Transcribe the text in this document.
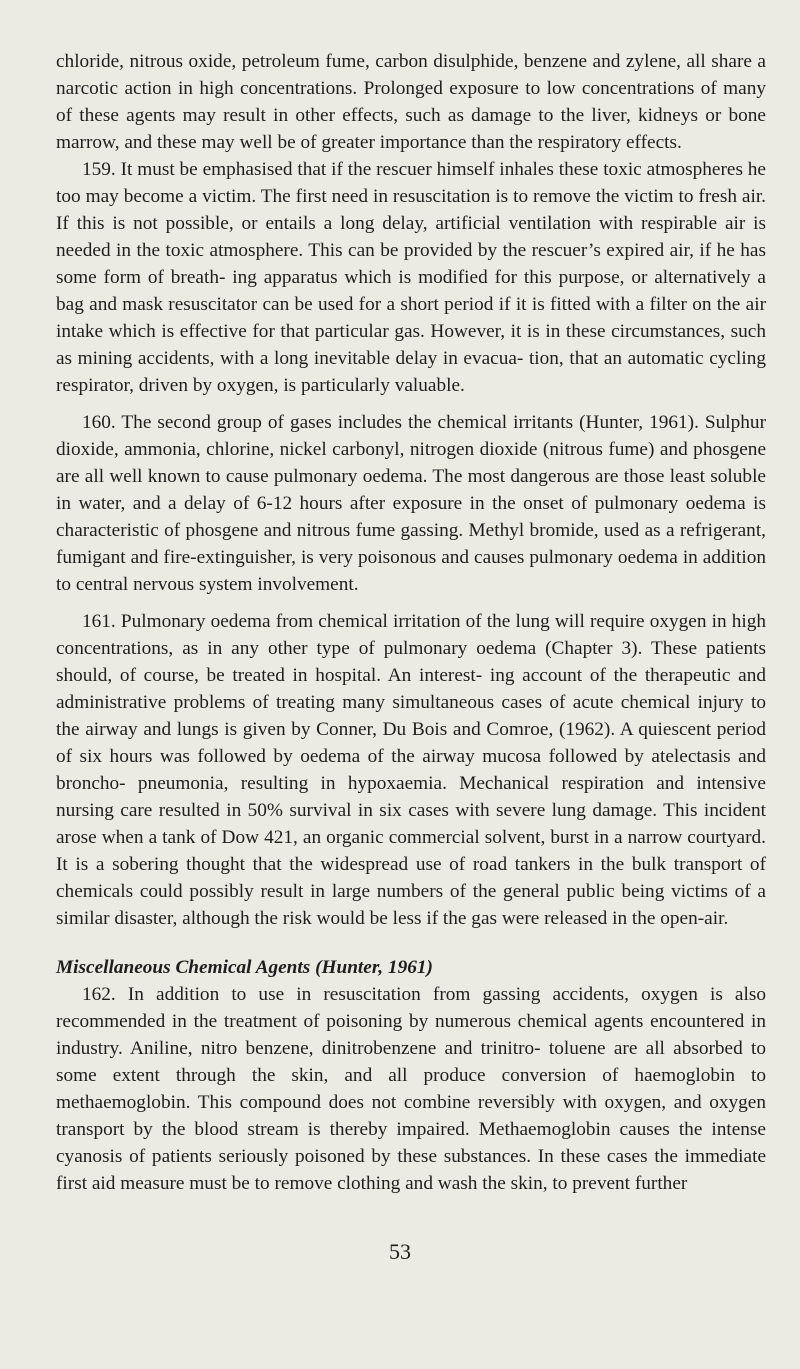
chloride, nitrous oxide, petroleum fume, carbon disulphide, benzene and zylene, all share a narcotic action in high concentrations. Prolonged exposure to low concentrations of many of these agents may result in other effects, such as damage to the liver, kidneys or bone marrow, and these may well be of greater importance than the respiratory effects.

159. It must be emphasised that if the rescuer himself inhales these toxic atmospheres he too may become a victim. The first need in resuscitation is to remove the victim to fresh air. If this is not possible, or entails a long delay, artificial ventilation with respirable air is needed in the toxic atmosphere. This can be provided by the rescuer’s expired air, if he has some form of breath- ing apparatus which is modified for this purpose, or alternatively a bag and mask resuscitator can be used for a short period if it is fitted with a filter on the air intake which is effective for that particular gas. However, it is in these circumstances, such as mining accidents, with a long inevitable delay in evacua- tion, that an automatic cycling respirator, driven by oxygen, is particularly valuable.

160. The second group of gases includes the chemical irritants (Hunter, 1961). Sulphur dioxide, ammonia, chlorine, nickel carbonyl, nitrogen dioxide (nitrous fume) and phosgene are all well known to cause pulmonary oedema. The most dangerous are those least soluble in water, and a delay of 6-12 hours after exposure in the onset of pulmonary oedema is characteristic of phosgene and nitrous fume gassing. Methyl bromide, used as a refrigerant, fumigant and fire-extinguisher, is very poisonous and causes pulmonary oedema in addition to central nervous system involvement.

161. Pulmonary oedema from chemical irritation of the lung will require oxygen in high concentrations, as in any other type of pulmonary oedema (Chapter 3). These patients should, of course, be treated in hospital. An interest- ing account of the therapeutic and administrative problems of treating many simultaneous cases of acute chemical injury to the airway and lungs is given by Conner, Du Bois and Comroe, (1962). A quiescent period of six hours was followed by oedema of the airway mucosa followed by atelectasis and broncho- pneumonia, resulting in hypoxaemia. Mechanical respiration and intensive nursing care resulted in 50% survival in six cases with severe lung damage. This incident arose when a tank of Dow 421, an organic commercial solvent, burst in a narrow courtyard. It is a sobering thought that the widespread use of road tankers in the bulk transport of chemicals could possibly result in large numbers of the general public being victims of a similar disaster, although the risk would be less if the gas were released in the open-air.

Miscellaneous Chemical Agents (Hunter, 1961)

162. In addition to use in resuscitation from gassing accidents, oxygen is also recommended in the treatment of poisoning by numerous chemical agents encountered in industry. Aniline, nitro benzene, dinitrobenzene and trinitro- toluene are all absorbed to some extent through the skin, and all produce conversion of haemoglobin to methaemoglobin. This compound does not combine reversibly with oxygen, and oxygen transport by the blood stream is thereby impaired. Methaemoglobin causes the intense cyanosis of patients seriously poisoned by these substances. In these cases the immediate first aid measure must be to remove clothing and wash the skin, to prevent further

53
